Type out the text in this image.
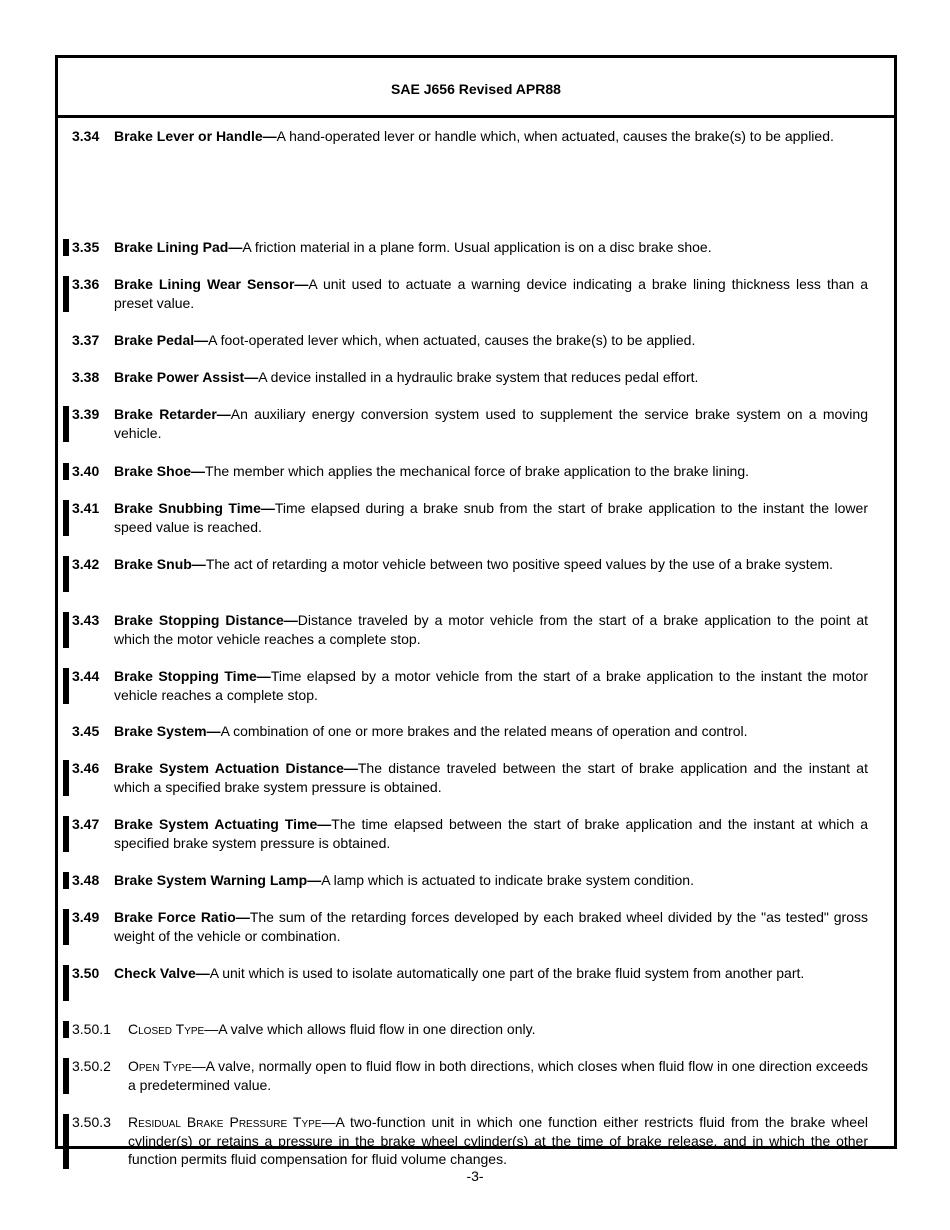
SAE J656 Revised APR88
3.34 Brake Lever or Handle—A hand-operated lever or handle which, when actuated, causes the brake(s) to be applied.
3.35 Brake Lining Pad—A friction material in a plane form. Usual application is on a disc brake shoe.
3.36 Brake Lining Wear Sensor—A unit used to actuate a warning device indicating a brake lining thickness less than a preset value.
3.37 Brake Pedal—A foot-operated lever which, when actuated, causes the brake(s) to be applied.
3.38 Brake Power Assist—A device installed in a hydraulic brake system that reduces pedal effort.
3.39 Brake Retarder—An auxiliary energy conversion system used to supplement the service brake system on a moving vehicle.
3.40 Brake Shoe—The member which applies the mechanical force of brake application to the brake lining.
3.41 Brake Snubbing Time—Time elapsed during a brake snub from the start of brake application to the instant the lower speed value is reached.
3.42 Brake Snub—The act of retarding a motor vehicle between two positive speed values by the use of a brake system.
3.43 Brake Stopping Distance—Distance traveled by a motor vehicle from the start of a brake application to the point at which the motor vehicle reaches a complete stop.
3.44 Brake Stopping Time—Time elapsed by a motor vehicle from the start of a brake application to the instant the motor vehicle reaches a complete stop.
3.45 Brake System—A combination of one or more brakes and the related means of operation and control.
3.46 Brake System Actuation Distance—The distance traveled between the start of brake application and the instant at which a specified brake system pressure is obtained.
3.47 Brake System Actuating Time—The time elapsed between the start of brake application and the instant at which a specified brake system pressure is obtained.
3.48 Brake System Warning Lamp—A lamp which is actuated to indicate brake system condition.
3.49 Brake Force Ratio—The sum of the retarding forces developed by each braked wheel divided by the "as tested" gross weight of the vehicle or combination.
3.50 Check Valve—A unit which is used to isolate automatically one part of the brake fluid system from another part.
3.50.1 Closed Type—A valve which allows fluid flow in one direction only.
3.50.2 Open Type—A valve, normally open to fluid flow in both directions, which closes when fluid flow in one direction exceeds a predetermined value.
3.50.3 Residual Brake Pressure Type—A two-function unit in which one function either restricts fluid from the brake wheel cylinder(s) or retains a pressure in the brake wheel cylinder(s) at the time of brake release, and in which the other function permits fluid compensation for fluid volume changes.
-3-
